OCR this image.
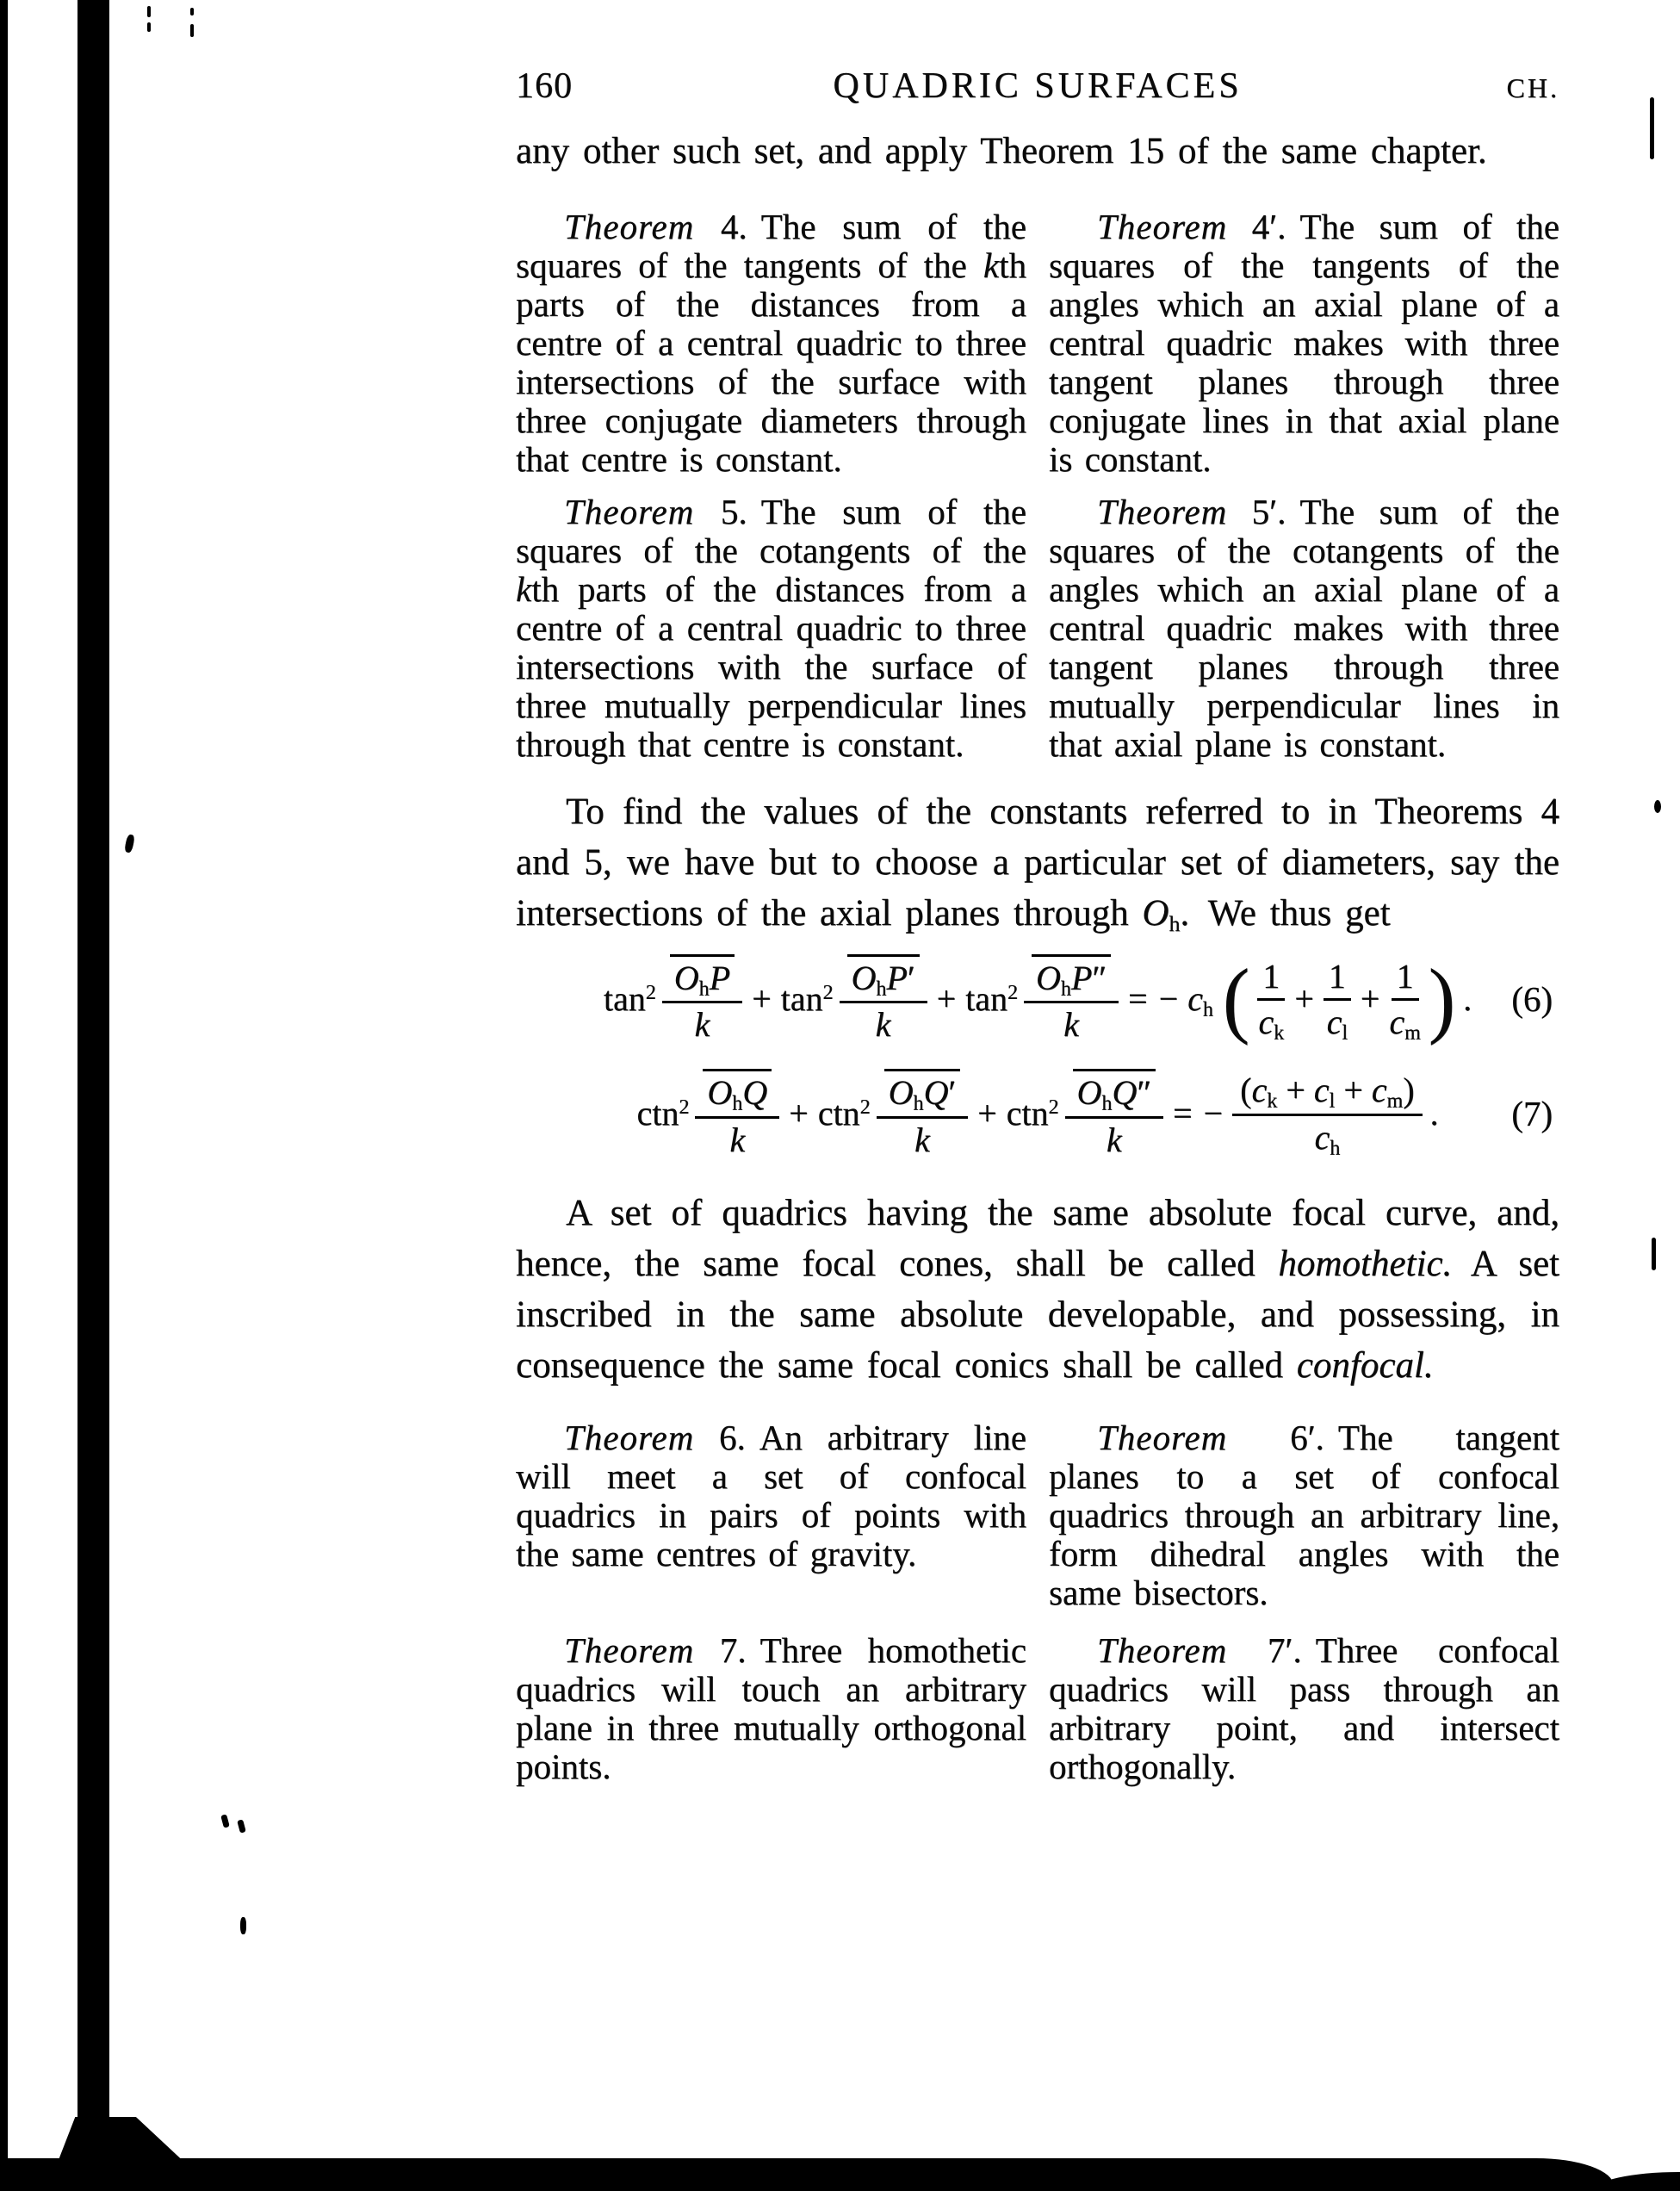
160	QUADRIC SURFACES	CH.

any other such set, and apply Theorem 15 of the same chapter.

Theorem 4. The sum of the squares of the tangents of the kth parts of the distances from a centre of a central quadric to three intersections of the surface with three conjugate diameters through that centre is constant.

Theorem 4′. The sum of the squares of the tangents of the angles which an axial plane of a central quadric makes with three tangent planes through three conjugate lines in that axial plane is constant.

Theorem 5. The sum of the squares of the cotangents of the kth parts of the distances from a centre of a central quadric to three intersections with the surface of three mutually perpendicular lines through that centre is constant.

Theorem 5′. The sum of the squares of the cotangents of the angles which an axial plane of a central quadric makes with three tangent planes through three mutually perpendicular lines in that axial plane is constant.

To find the values of the constants referred to in Theorems 4 and 5, we have but to choose a particular set of diameters, say the intersections of the axial planes through $O_h$. We thus get

$\tan^2 \frac{O_hP}{k} + \tan^2 \frac{O_hP'}{k} + \tan^2 \frac{O_hP''}{k}$ = − $c_h$ ( $\frac{1}{c_k} + \frac{1}{c_l} + \frac{1}{c_m}$ ) . (6)
$ctn^2 \frac{O_hQ}{k} + ctn^2 \frac{O_hQ'}{k} + ctn^2 \frac{O_hQ''}{k}$ = − $\frac{(c_k + c_l + c_m)}{c_h}$ . (7)

A set of quadrics having the same absolute focal curve, and, hence, the same focal cones, shall be called homothetic. A set inscribed in the same absolute developable, and possessing, in consequence the same focal conics shall be called confocal.

Theorem 6. An arbitrary line will meet a set of confocal quadrics in pairs of points with the same centres of gravity.

Theorem 6′. The tangent planes to a set of confocal quadrics through an arbitrary line, form dihedral angles with the same bisectors.

Theorem 7. Three homothetic quadrics will touch an arbitrary plane in three mutually orthogonal points.

Theorem 7′. Three confocal quadrics will pass through an arbitrary point, and intersect orthogonally.
